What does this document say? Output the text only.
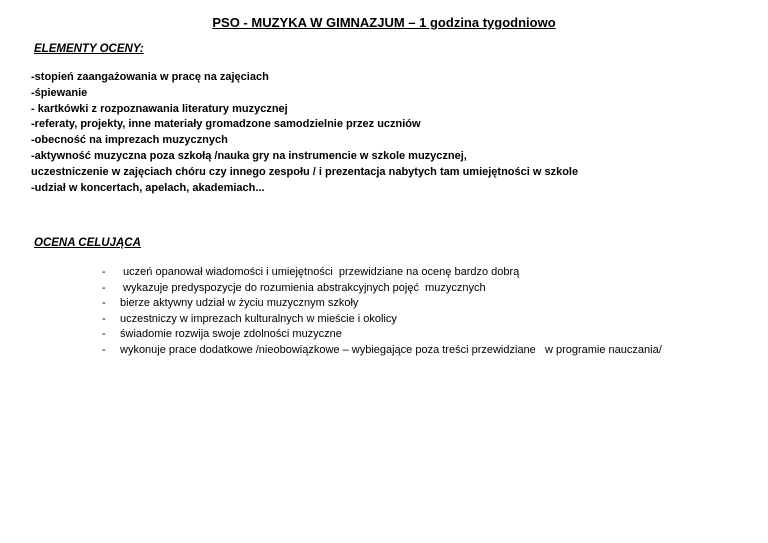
PSO - MUZYKA W GIMNAZJUM – 1 godzina tygodniowo
ELEMENTY OCENY:
-stopień zaangażowania w pracę na zajęciach
-śpiewanie
- kartkówki z rozpoznawania literatury muzycznej
-referaty, projekty, inne materiały gromadzone samodzielnie przez uczniów
-obecność na imprezach muzycznych
-aktywność muzyczna poza szkołą /nauka gry na instrumencie w szkole muzycznej,
uczestniczenie w zajęciach chóru czy innego zespołu / i prezentacja nabytych tam umiejętności w szkole
-udział w koncertach, apelach, akademiach...
OCENA CELUJĄCA
-	uczeń opanował wiadomości i umiejętności  przewidziane na ocenę bardzo dobrą
-	wykazuje predyspozycje do rozumienia abstrakcyjnych pojęć  muzycznych
-	bierze aktywny udział w życiu muzycznym szkoły
-	uczestniczy w imprezach kulturalnych w mieście i okolicy
-	świadomie rozwija swoje zdolności muzyczne
-	wykonuje prace dodatkowe /nieobowiązkowe – wybiegające poza treści przewidziane   w programie nauczania/
